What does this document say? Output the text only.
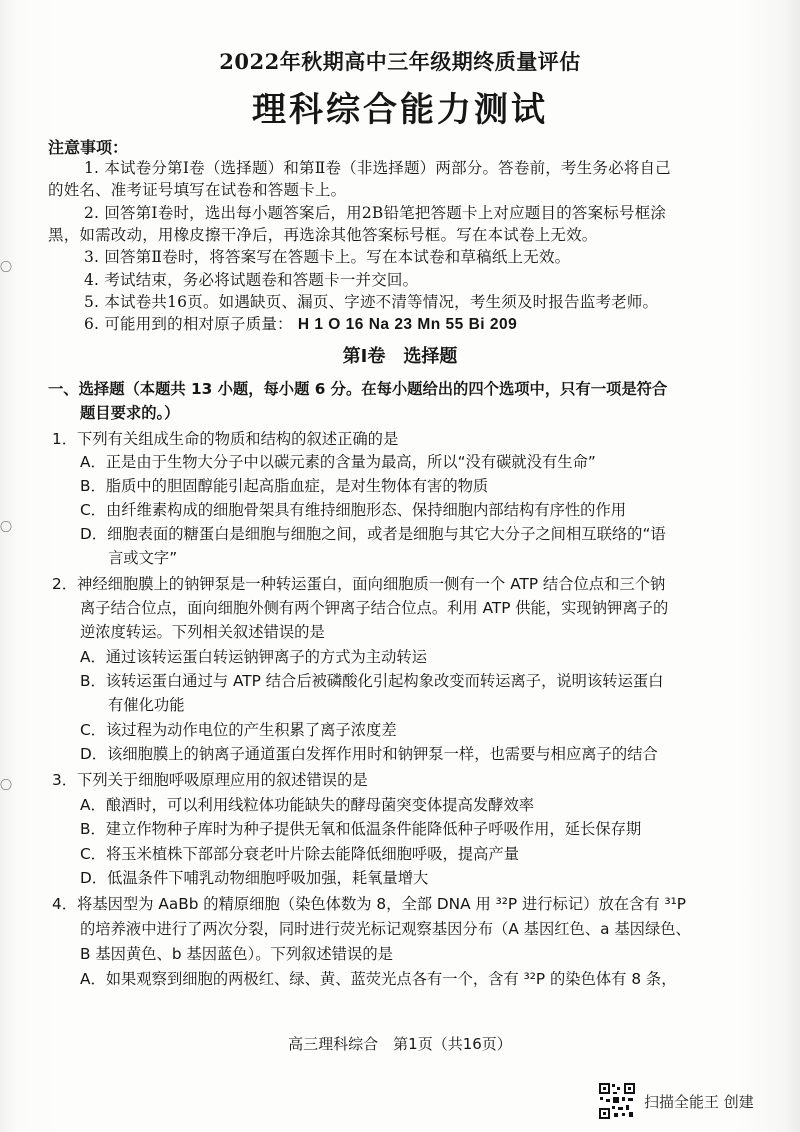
〇
〇
〇
2022年秋期高中三年级期终质量评估
理科综合能力测试
注意事项：
1. 本试卷分第Ⅰ卷（选择题）和第Ⅱ卷（非选择题）两部分。答卷前，考生务必将自己
的姓名、准考证号填写在试卷和答题卡上。
2. 回答第Ⅰ卷时，选出每小题答案后，用2B铅笔把答题卡上对应题目的答案标号框涂
黑，如需改动，用橡皮擦干净后，再选涂其他答案标号框。写在本试卷上无效。
3. 回答第Ⅱ卷时，将答案写在答题卡上。写在本试卷和草稿纸上无效。
4. 考试结束，务必将试题卷和答题卡一并交回。
5. 本试卷共16页。如遇缺页、漏页、字迹不清等情况，考生须及时报告监考老师。
6. 可能用到的相对原子质量： H 1 O 16 Na 23 Mn 55 Bi 209
第Ⅰ卷　选择题
一、选择题（本题共 13 小题，每小题 6 分。在每小题给出的四个选项中，只有一项是符合
题目要求的。）
1．下列有关组成生命的物质和结构的叙述正确的是
A．正是由于生物大分子中以碳元素的含量为最高，所以“没有碳就没有生命”
B．脂质中的胆固醇能引起高脂血症，是对生物体有害的物质
C．由纤维素构成的细胞骨架具有维持细胞形态、保持细胞内部结构有序性的作用
D．细胞表面的糖蛋白是细胞与细胞之间，或者是细胞与其它大分子之间相互联络的“语
言或文字”
2．神经细胞膜上的钠钾泵是一种转运蛋白，面向细胞质一侧有一个 ATP 结合位点和三个钠
离子结合位点，面向细胞外侧有两个钾离子结合位点。利用 ATP 供能，实现钠钾离子的
逆浓度转运。下列相关叙述错误的是
A．通过该转运蛋白转运钠钾离子的方式为主动转运
B．该转运蛋白通过与 ATP 结合后被磷酸化引起构象改变而转运离子，说明该转运蛋白
有催化功能
C．该过程为动作电位的产生积累了离子浓度差
D．该细胞膜上的钠离子通道蛋白发挥作用时和钠钾泵一样，也需要与相应离子的结合
3．下列关于细胞呼吸原理应用的叙述错误的是
A．酿酒时，可以利用线粒体功能缺失的酵母菌突变体提高发酵效率
B．建立作物种子库时为种子提供无氧和低温条件能降低种子呼吸作用，延长保存期
C．将玉米植株下部部分衰老叶片除去能降低细胞呼吸，提高产量
D．低温条件下哺乳动物细胞呼吸加强，耗氧量增大
4．将基因型为 AaBb 的精原细胞（染色体数为 8，全部 DNA 用 ³²P 进行标记）放在含有 ³¹P
的培养液中进行了两次分裂，同时进行荧光标记观察基因分布（A 基因红色、a 基因绿色、
B 基因黄色、b 基因蓝色）。下列叙述错误的是
A．如果观察到细胞的两极红、绿、黄、蓝荧光点各有一个，含有 ³²P 的染色体有 8 条，
高三理科综合　第1页（共16页）
扫描全能王 创建
